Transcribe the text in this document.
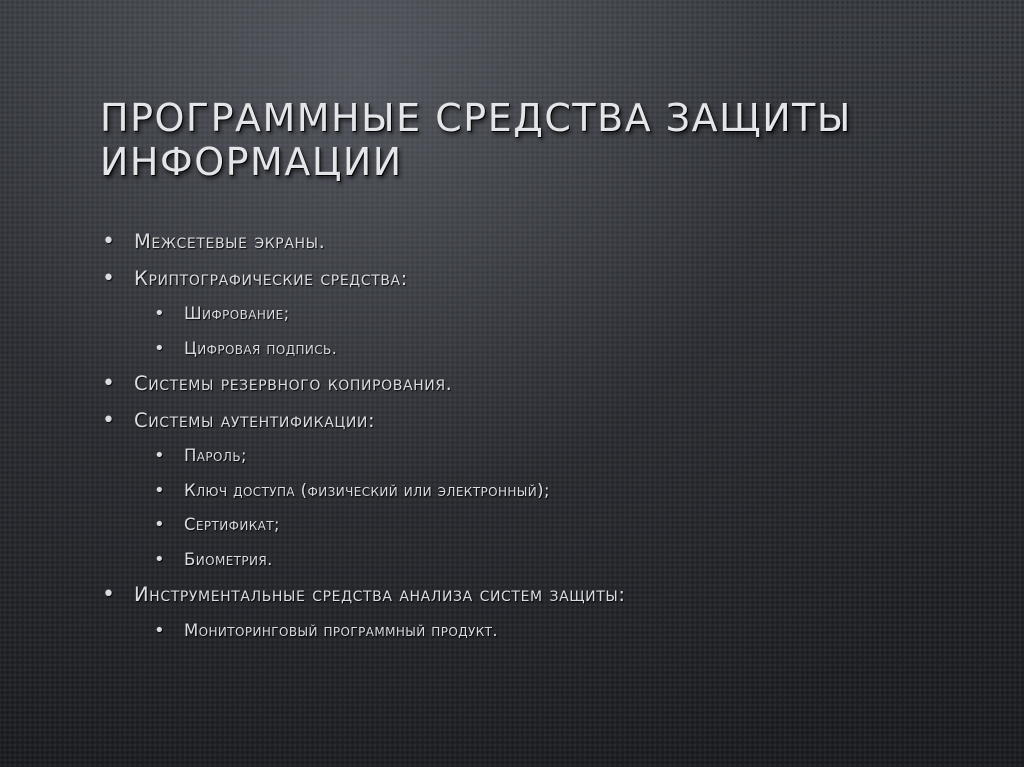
ПРОГРАММНЫЕ СРЕДСТВА ЗАЩИТЫ ИНФОРМАЦИИ
• Межсетевые экраны.
• Криптографические средства:
• Шифрование;
• Цифровая подпись.
• Системы резервного копирования.
• Системы аутентификации:
• Пароль;
• Ключ доступа (физический или электронный);
• Сертификат;
• Биометрия.
• Инструментальные средства анализа систем защиты:
• Мониторинговый программный продукт.
